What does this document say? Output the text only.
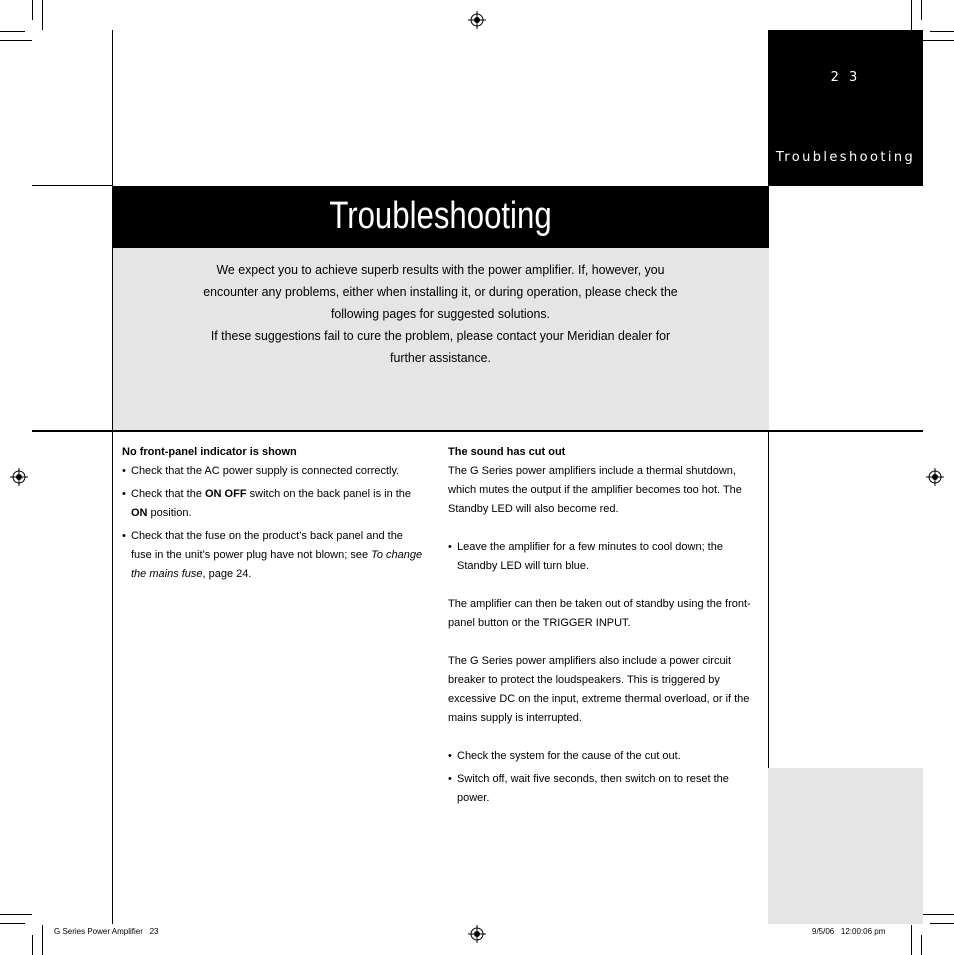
2 3
Troubleshooting
Troubleshooting

We expect you to achieve superb results with the power amplifier. If, however, you encounter any problems, either when installing it, or during operation, please check the following pages for suggested solutions.

If these suggestions fail to cure the problem, please contact your Meridian dealer for further assistance.

No front-panel indicator is shown
• Check that the AC power supply is connected correctly.
• Check that the ON OFF switch on the back panel is in the ON position.
• Check that the fuse on the product’s back panel and the fuse in the unit’s power plug have not blown; see To change the mains fuse, page 24.
The sound has cut out

The G Series power amplifiers include a thermal shutdown, which mutes the output if the amplifier becomes too hot. The Standby LED will also become red.

• Leave the amplifier for a few minutes to cool down; the Standby LED will turn blue.

The amplifier can then be taken out of standby using the front-panel button or the TRIGGER INPUT.

The G Series power amplifiers also include a power circuit breaker to protect the loudspeakers. This is triggered by excessive DC on the input, extreme thermal overload, or if the mains supply is interrupted.

• Check the system for the cause of the cut out.
• Switch off, wait five seconds, then switch on to reset the power.
G Series Power Amplifier   23	9/5/06   12:00:06 pm
